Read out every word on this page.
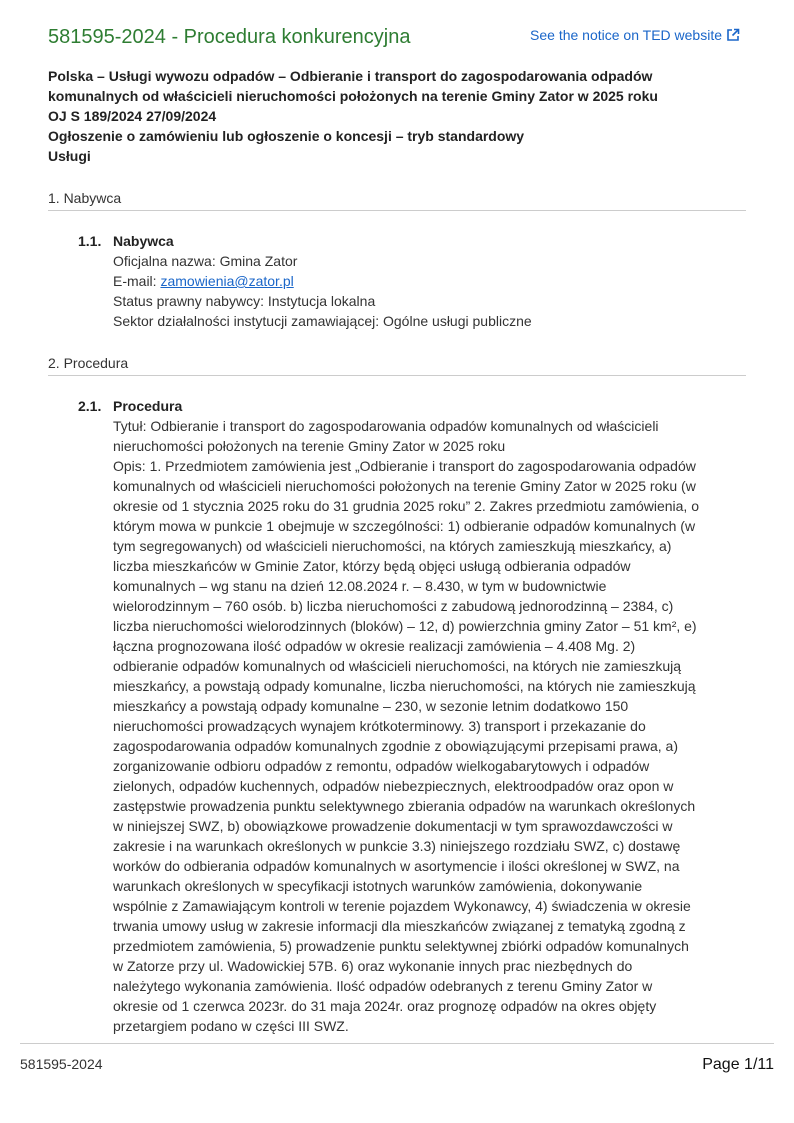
581595-2024 - Procedura konkurencyjna	See the notice on TED website
Polska – Usługi wywozu odpadów – Odbieranie i transport do zagospodarowania odpadów
komunalnych od właścicieli nieruchomości położonych na terenie Gminy Zator w 2025 roku
OJ S 189/2024 27/09/2024
Ogłoszenie o zamówieniu lub ogłoszenie o koncesji – tryb standardowy
Usługi
1. Nabywca
1.1. Nabywca
Oficjalna nazwa: Gmina Zator
E-mail: zamowienia@zator.pl
Status prawny nabywcy: Instytucja lokalna
Sektor działalności instytucji zamawiającej: Ogólne usługi publiczne
2. Procedura
2.1. Procedura
Tytuł: Odbieranie i transport do zagospodarowania odpadów komunalnych od właścicieli
nieruchomości położonych na terenie Gminy Zator w 2025 roku
Opis: 1. Przedmiotem zamówienia jest „Odbieranie i transport do zagospodarowania odpadów
komunalnych od właścicieli nieruchomości położonych na terenie Gminy Zator w 2025 roku (w
okresie od 1 stycznia 2025 roku do 31 grudnia 2025 roku” 2. Zakres przedmiotu zamówienia, o
którym mowa w punkcie 1 obejmuje w szczególności: 1) odbieranie odpadów komunalnych (w
tym segregowanych) od właścicieli nieruchomości, na których zamieszkują mieszkańcy, a)
liczba mieszkańców w Gminie Zator, którzy będą objęci usługą odbierania odpadów
komunalnych – wg stanu na dzień 12.08.2024 r. – 8.430, w tym w budownictwie
wielorodzinnym – 760 osób. b) liczba nieruchomości z zabudową jednorodzinną – 2384, c)
liczba nieruchomości wielorodzinnych (bloków) – 12, d) powierzchnia gminy Zator – 51 km², e)
łączna prognozowana ilość odpadów w okresie realizacji zamówienia – 4.408 Mg. 2)
odbieranie odpadów komunalnych od właścicieli nieruchomości, na których nie zamieszkują
mieszkańcy, a powstają odpady komunalne, liczba nieruchomości, na których nie zamieszkują
mieszkańcy a powstają odpady komunalne – 230, w sezonie letnim dodatkowo 150
nieruchomości prowadzących wynajem krótkoterminowy. 3) transport i przekazanie do
zagospodarowania odpadów komunalnych zgodnie z obowiązującymi przepisami prawa, a)
zorganizowanie odbioru odpadów z remontu, odpadów wielkogabarytowych i odpadów
zielonych, odpadów kuchennych, odpadów niebezpiecznych, elektroodpadów oraz opon w
zastępstwie prowadzenia punktu selektywnego zbierania odpadów na warunkach określonych
w niniejszej SWZ, b) obowiązkowe prowadzenie dokumentacji w tym sprawozdawczości w
zakresie i na warunkach określonych w punkcie 3.3) niniejszego rozdziału SWZ, c) dostawę
worków do odbierania odpadów komunalnych w asortymencie i ilości określonej w SWZ, na
warunkach określonych w specyfikacji istotnych warunków zamówienia, dokonywanie
wspólnie z Zamawiającym kontroli w terenie pojazdem Wykonawcy, 4) świadczenia w okresie
trwania umowy usług w zakresie informacji dla mieszkańców związanej z tematyką zgodną z
przedmiotem zamówienia, 5) prowadzenie punktu selektywnej zbiórki odpadów komunalnych
w Zatorze przy ul. Wadowickiej 57B. 6) oraz wykonanie innych prac niezbędnych do
należytego wykonania zamówienia. Ilość odpadów odebranych z terenu Gminy Zator w
okresie od 1 czerwca 2023r. do 31 maja 2024r. oraz prognozę odpadów na okres objęty
przetargiem podano w części III SWZ.
581595-2024	Page 1/11
